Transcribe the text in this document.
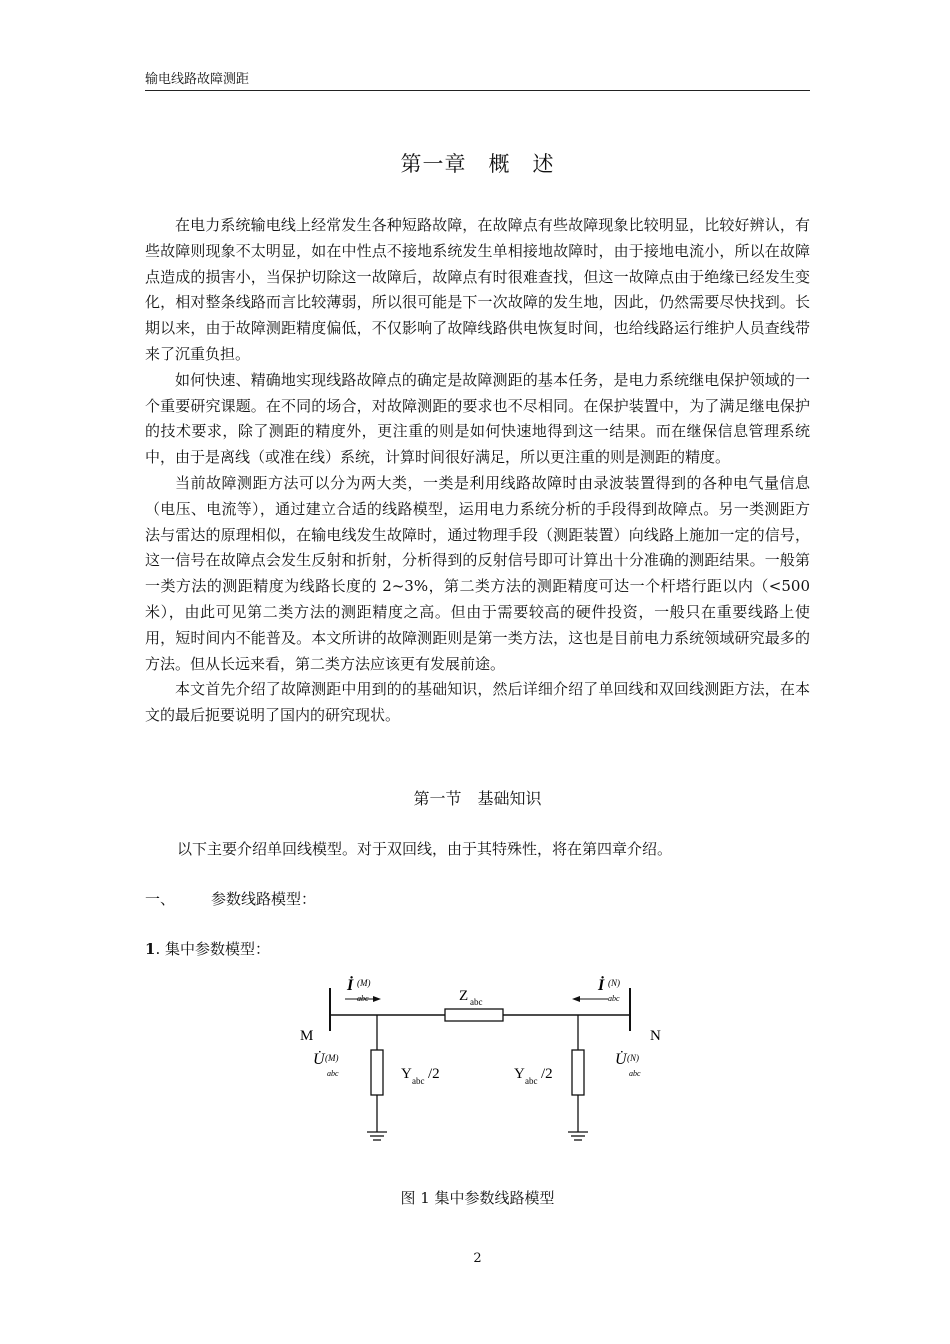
输电线路故障测距
第一章　概　述

在电力系统输电线上经常发生各种短路故障，在故障点有些故障现象比较明显，比较好辨认，有些故障则现象不太明显，如在中性点不接地系统发生单相接地故障时，由于接地电流小，所以在故障点造成的损害小，当保护切除这一故障后，故障点有时很难查找，但这一故障点由于绝缘已经发生变化，相对整条线路而言比较薄弱，所以很可能是下一次故障的发生地，因此，仍然需要尽快找到。长期以来，由于故障测距精度偏低，不仅影响了故障线路供电恢复时间，也给线路运行维护人员查线带来了沉重负担。

如何快速、精确地实现线路故障点的确定是故障测距的基本任务，是电力系统继电保护领域的一个重要研究课题。在不同的场合，对故障测距的要求也不尽相同。在保护装置中，为了满足继电保护的技术要求，除了测距的精度外，更注重的则是如何快速地得到这一结果。而在继保信息管理系统中，由于是离线（或准在线）系统，计算时间很好满足，所以更注重的则是测距的精度。

当前故障测距方法可以分为两大类，一类是利用线路故障时由录波装置得到的各种电气量信息（电压、电流等），通过建立合适的线路模型，运用电力系统分析的手段得到故障点。另一类测距方法与雷达的原理相似，在输电线发生故障时，通过物理手段（测距装置）向线路上施加一定的信号，这一信号在故障点会发生反射和折射，分析得到的反射信号即可计算出十分准确的测距结果。一般第一类方法的测距精度为线路长度的 2~3%，第二类方法的测距精度可达一个杆塔行距以内（<500 米），由此可见第二类方法的测距精度之高。但由于需要较高的硬件投资，一般只在重要线路上使用，短时间内不能普及。本文所讲的故障测距则是第一类方法，这也是目前电力系统领域研究最多的方法。但从长远来看，第二类方法应该更有发展前途。

本文首先介绍了故障测距中用到的的基础知识，然后详细介绍了单回线和双回线测距方法，在本文的最后扼要说明了国内的研究现状。

第一节　基础知识
以下主要介绍单回线模型。对于双回线，由于其特殊性，将在第四章介绍。
一、 参数线路模型：
1. 集中参数模型：
Z abc
İ (M)
abc
İ (N)
abc
M	N
U̇ (M)
abc
U̇ (N)
abc
Y abc /2	Y abc /2
图 1 集中参数线路模型
2
